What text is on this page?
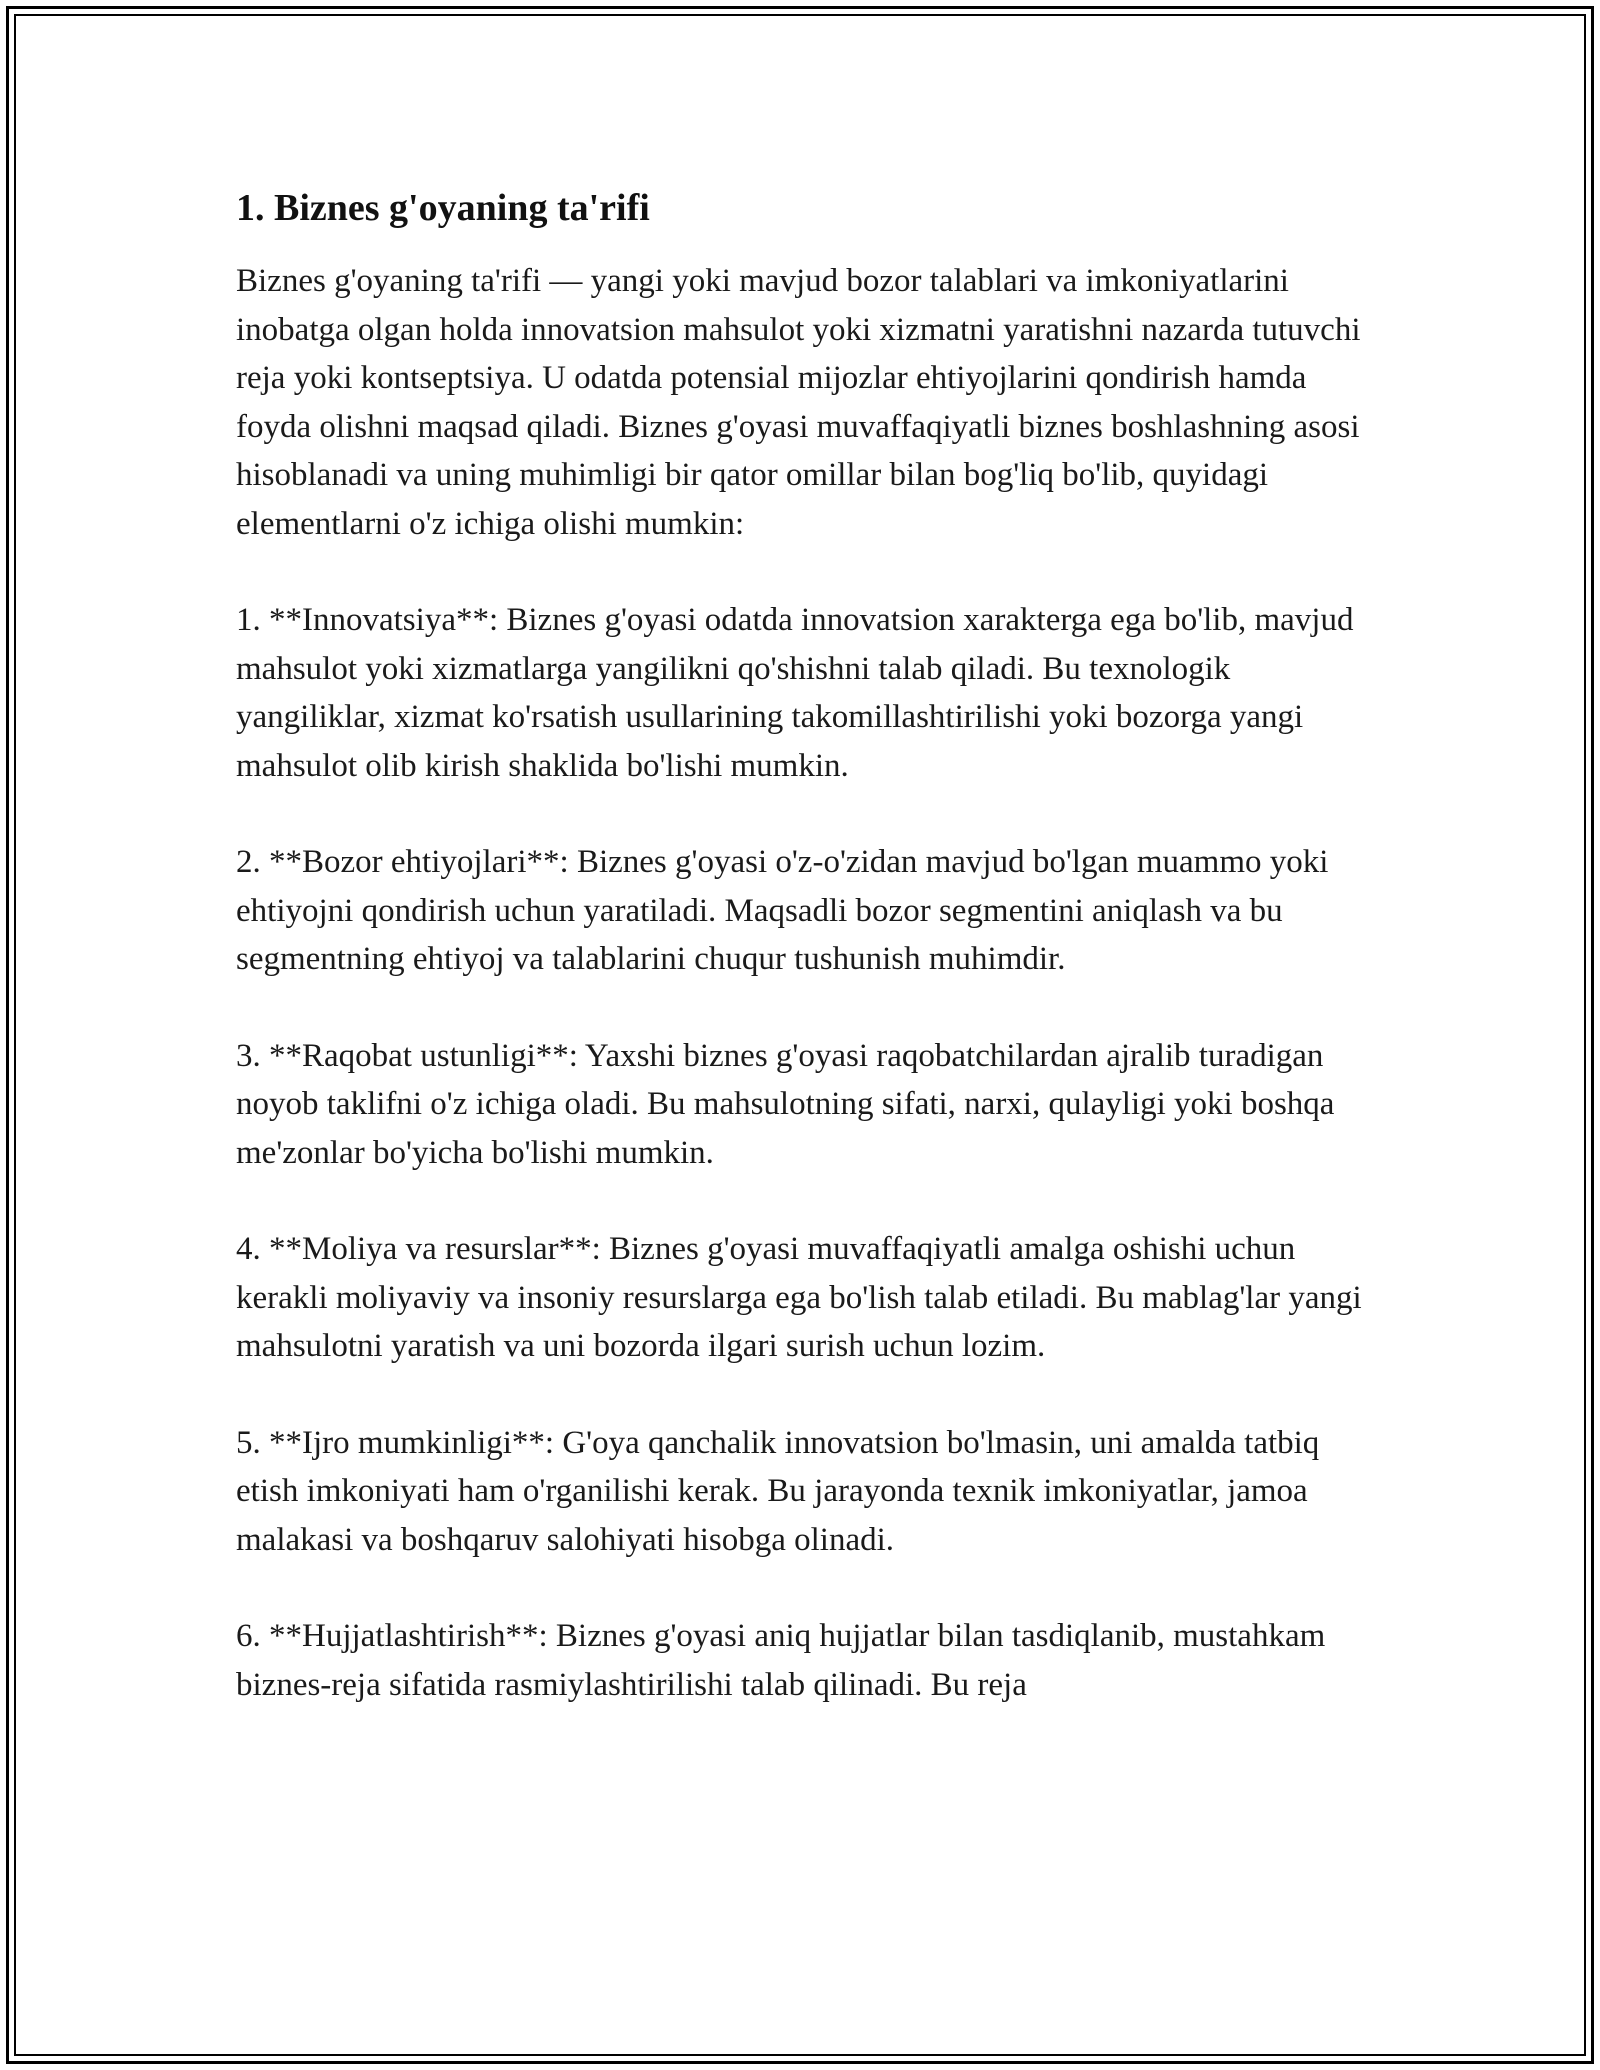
1. Biznes g'oyaning ta'rifi

Biznes g'oyaning ta'rifi — yangi yoki mavjud bozor talablari va imkoniyatlarini inobatga olgan holda innovatsion mahsulot yoki xizmatni yaratishni nazarda tutuvchi reja yoki kontseptsiya. U odatda potensial mijozlar ehtiyojlarini qondirish hamda foyda olishni maqsad qiladi. Biznes g'oyasi muvaffaqiyatli biznes boshlashning asosi hisoblanadi va uning muhimligi bir qator omillar bilan bog'liq bo'lib, quyidagi elementlarni o'z ichiga olishi mumkin:

1. **Innovatsiya**: Biznes g'oyasi odatda innovatsion xarakterga ega bo'lib, mavjud mahsulot yoki xizmatlarga yangilikni qo'shishni talab qiladi. Bu texnologik yangiliklar, xizmat ko'rsatish usullarining takomillashtirilishi yoki bozorga yangi mahsulot olib kirish shaklida bo'lishi mumkin.

2. **Bozor ehtiyojlari**: Biznes g'oyasi o'z-o'zidan mavjud bo'lgan muammo yoki ehtiyojni qondirish uchun yaratiladi. Maqsadli bozor segmentini aniqlash va bu segmentning ehtiyoj va talablarini chuqur tushunish muhimdir.

3. **Raqobat ustunligi**: Yaxshi biznes g'oyasi raqobatchilardan ajralib turadigan noyob taklifni o'z ichiga oladi. Bu mahsulotning sifati, narxi, qulayligi yoki boshqa me'zonlar bo'yicha bo'lishi mumkin.

4. **Moliya va resurslar**: Biznes g'oyasi muvaffaqiyatli amalga oshishi uchun kerakli moliyaviy va insoniy resurslarga ega bo'lish talab etiladi. Bu mablag'lar yangi mahsulotni yaratish va uni bozorda ilgari surish uchun lozim.

5. **Ijro mumkinligi**: G'oya qanchalik innovatsion bo'lmasin, uni amalda tatbiq etish imkoniyati ham o'rganilishi kerak. Bu jarayonda texnik imkoniyatlar, jamoa malakasi va boshqaruv salohiyati hisobga olinadi.

6. **Hujjatlashtirish**: Biznes g'oyasi aniq hujjatlar bilan tasdiqlanib, mustahkam biznes-reja sifatida rasmiylashtirilishi talab qilinadi. Bu reja
